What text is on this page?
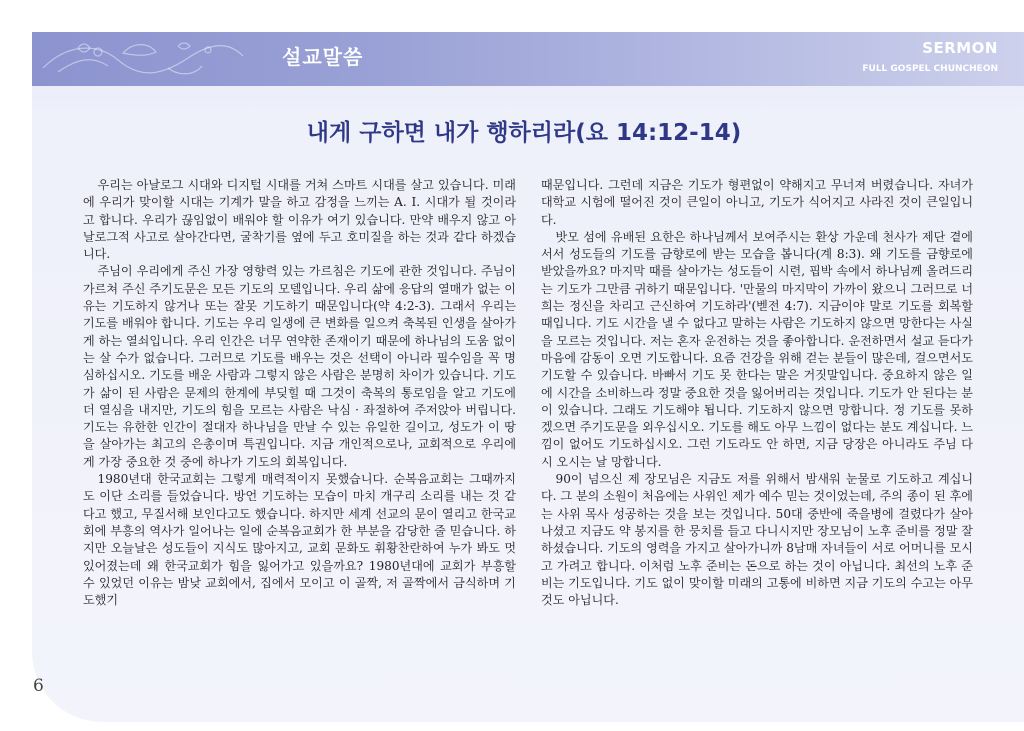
설교말씀	SERMON
FULL GOSPEL CHUNCHEON
내게 구하면 내가 행하리라(요 14:12-14)

우리는 아날로그 시대와 디지털 시대를 거쳐 스마트 시대를 살고 있습니다. 미래에 우리가 맞이할 시대는 기계가 말을 하고 감정을 느끼는 A. I. 시대가 될 것이라고 합니다. 우리가 끊임없이 배워야 할 이유가 여기 있습니다. 만약 배우지 않고 아날로그적 사고로 살아간다면, 굴착기를 옆에 두고 호미질을 하는 것과 같다 하겠습니다.

주님이 우리에게 주신 가장 영향력 있는 가르침은 기도에 관한 것입니다. 주님이 가르쳐 주신 주기도문은 모든 기도의 모델입니다. 우리 삶에 응답의 열매가 없는 이유는 기도하지 않거나 또는 잘못 기도하기 때문입니다(약 4:2-3). 그래서 우리는 기도를 배워야 합니다. 기도는 우리 일생에 큰 변화를 일으켜 축복된 인생을 살아가게 하는 열쇠입니다. 우리 인간은 너무 연약한 존재이기 때문에 하나님의 도움 없이는 살 수가 없습니다. 그러므로 기도를 배우는 것은 선택이 아니라 필수임을 꼭 명심하십시오. 기도를 배운 사람과 그렇지 않은 사람은 분명히 차이가 있습니다. 기도가 삶이 된 사람은 문제의 한계에 부딪힐 때 그것이 축복의 통로임을 알고 기도에 더 열심을 내지만, 기도의 힘을 모르는 사람은 낙심 · 좌절하여 주저앉아 버립니다. 기도는 유한한 인간이 절대자 하나님을 만날 수 있는 유일한 길이고, 성도가 이 땅을 살아가는 최고의 은총이며 특권입니다. 지금 개인적으로나, 교회적으로 우리에게 가장 중요한 것 중에 하나가 기도의 회복입니다.

1980년대 한국교회는 그렇게 매력적이지 못했습니다. 순복음교회는 그때까지도 이단 소리를 들었습니다. 방언 기도하는 모습이 마치 개구리 소리를 내는 것 같다고 했고, 무질서해 보인다고도 했습니다. 하지만 세계 선교의 문이 열리고 한국교회에 부흥의 역사가 일어나는 일에 순복음교회가 한 부분을 감당한 줄 믿습니다. 하지만 오늘날은 성도들이 지식도 많아지고, 교회 문화도 휘황찬란하여 누가 봐도 멋있어졌는데 왜 한국교회가 힘을 잃어가고 있을까요? 1980년대에 교회가 부흥할 수 있었던 이유는 밤낮 교회에서, 집에서 모이고 이 골짝, 저 골짝에서 금식하며 기도했기

때문입니다. 그런데 지금은 기도가 형편없이 약해지고 무너져 버렸습니다. 자녀가 대학교 시험에 떨어진 것이 큰일이 아니고, 기도가 식어지고 사라진 것이 큰일입니다.

밧모 섬에 유배된 요한은 하나님께서 보여주시는 환상 가운데 천사가 제단 곁에 서서 성도들의 기도를 금향로에 받는 모습을 봅니다(계 8:3). 왜 기도를 금향로에 받았을까요? 마지막 때를 살아가는 성도들이 시련, 핍박 속에서 하나님께 올려드리는 기도가 그만큼 귀하기 때문입니다. '만물의 마지막이 가까이 왔으니 그러므로 너희는 정신을 차리고 근신하여 기도하라'(벧전 4:7). 지금이야 말로 기도를 회복할 때입니다. 기도 시간을 낼 수 없다고 말하는 사람은 기도하지 않으면 망한다는 사실을 모르는 것입니다. 저는 혼자 운전하는 것을 좋아합니다. 운전하면서 설교 듣다가 마음에 감동이 오면 기도합니다. 요즘 건강을 위해 걷는 분들이 많은데, 걸으면서도 기도할 수 있습니다. 바빠서 기도 못 한다는 말은 거짓말입니다. 중요하지 않은 일에 시간을 소비하느라 정말 중요한 것을 잃어버리는 것입니다. 기도가 안 된다는 분이 있습니다. 그래도 기도해야 됩니다. 기도하지 않으면 망합니다. 정 기도를 못하겠으면 주기도문을 외우십시오. 기도를 해도 아무 느낌이 없다는 분도 계십니다. 느낌이 없어도 기도하십시오. 그런 기도라도 안 하면, 지금 당장은 아니라도 주님 다시 오시는 날 망합니다.

90이 넘으신 제 장모님은 지금도 저를 위해서 밤새워 눈물로 기도하고 계십니다. 그 분의 소원이 처음에는 사위인 제가 예수 믿는 것이었는데, 주의 종이 된 후에는 사위 목사 성공하는 것을 보는 것입니다. 50대 중반에 죽을병에 걸렸다가 살아나셨고 지금도 약 봉지를 한 뭉치를 들고 다니시지만 장모님이 노후 준비를 정말 잘하셨습니다. 기도의 영력을 가지고 살아가니까 8남매 자녀들이 서로 어머니를 모시고 가려고 합니다. 이처럼 노후 준비는 돈으로 하는 것이 아닙니다. 최선의 노후 준비는 기도입니다. 기도 없이 맞이할 미래의 고통에 비하면 지금 기도의 수고는 아무것도 아닙니다.

6
